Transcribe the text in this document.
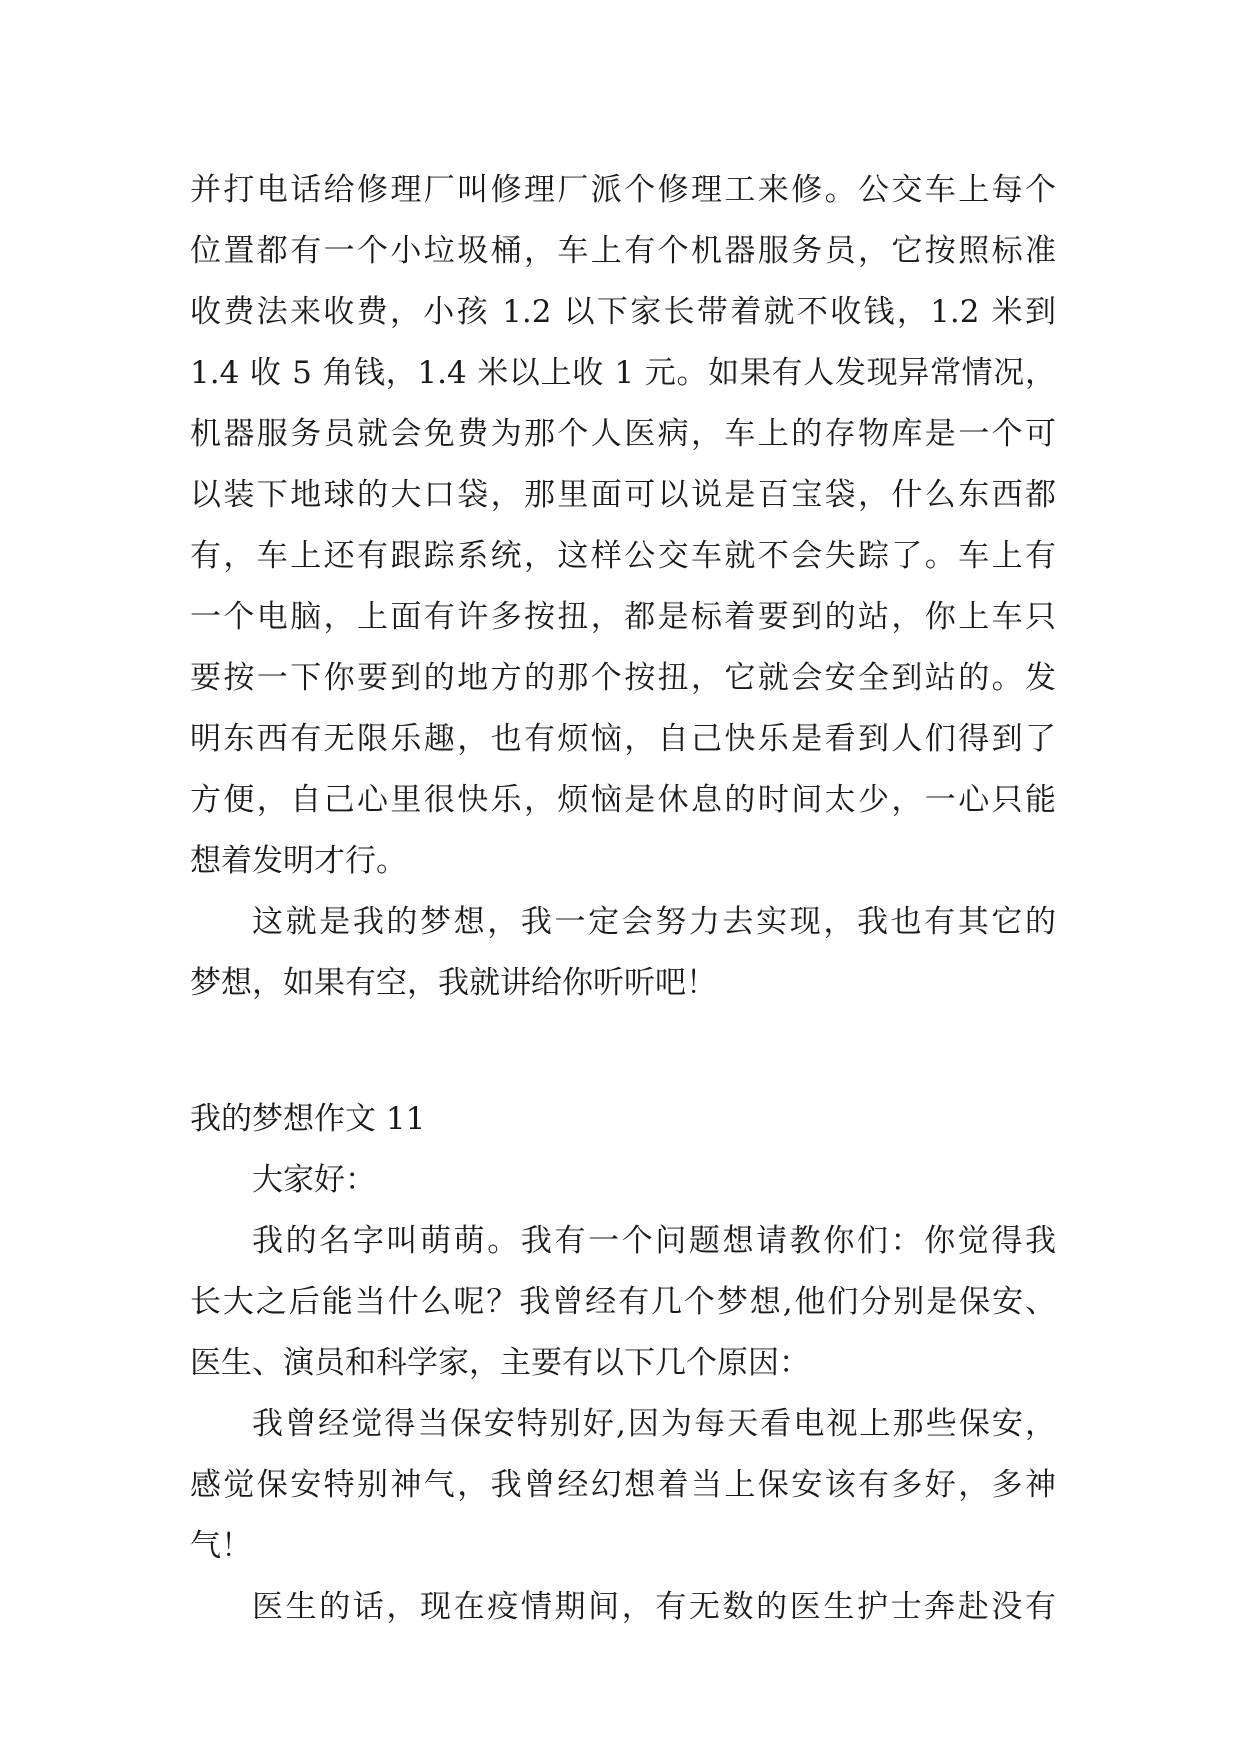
并打电话给修理厂叫修理厂派个修理工来修。公交车上每个
位置都有一个小垃圾桶，车上有个机器服务员，它按照标准
收费法来收费，小孩 1.2 以下家长带着就不收钱，1.2 米到
1.4 收 5 角钱，1.4 米以上收 1 元。如果有人发现异常情况，
机器服务员就会免费为那个人医病，车上的存物库是一个可
以装下地球的大口袋，那里面可以说是百宝袋，什么东西都
有，车上还有跟踪系统，这样公交车就不会失踪了。车上有
一个电脑，上面有许多按扭，都是标着要到的站，你上车只
要按一下你要到的地方的那个按扭，它就会安全到站的。发
明东西有无限乐趣，也有烦恼，自己快乐是看到人们得到了
方便，自己心里很快乐，烦恼是休息的时间太少，一心只能
想着发明才行。
这就是我的梦想，我一定会努力去实现，我也有其它的
梦想，如果有空，我就讲给你听听吧！
我的梦想作文 11
大家好：
我的名字叫萌萌。我有一个问题想请教你们：你觉得我
长大之后能当什么呢？我曾经有几个梦想,他们分别是保安、
医生、演员和科学家，主要有以下几个原因：
我曾经觉得当保安特别好,因为每天看电视上那些保安，
感觉保安特别神气，我曾经幻想着当上保安该有多好，多神
气！
医生的话，现在疫情期间，有无数的医生护士奔赴没有
